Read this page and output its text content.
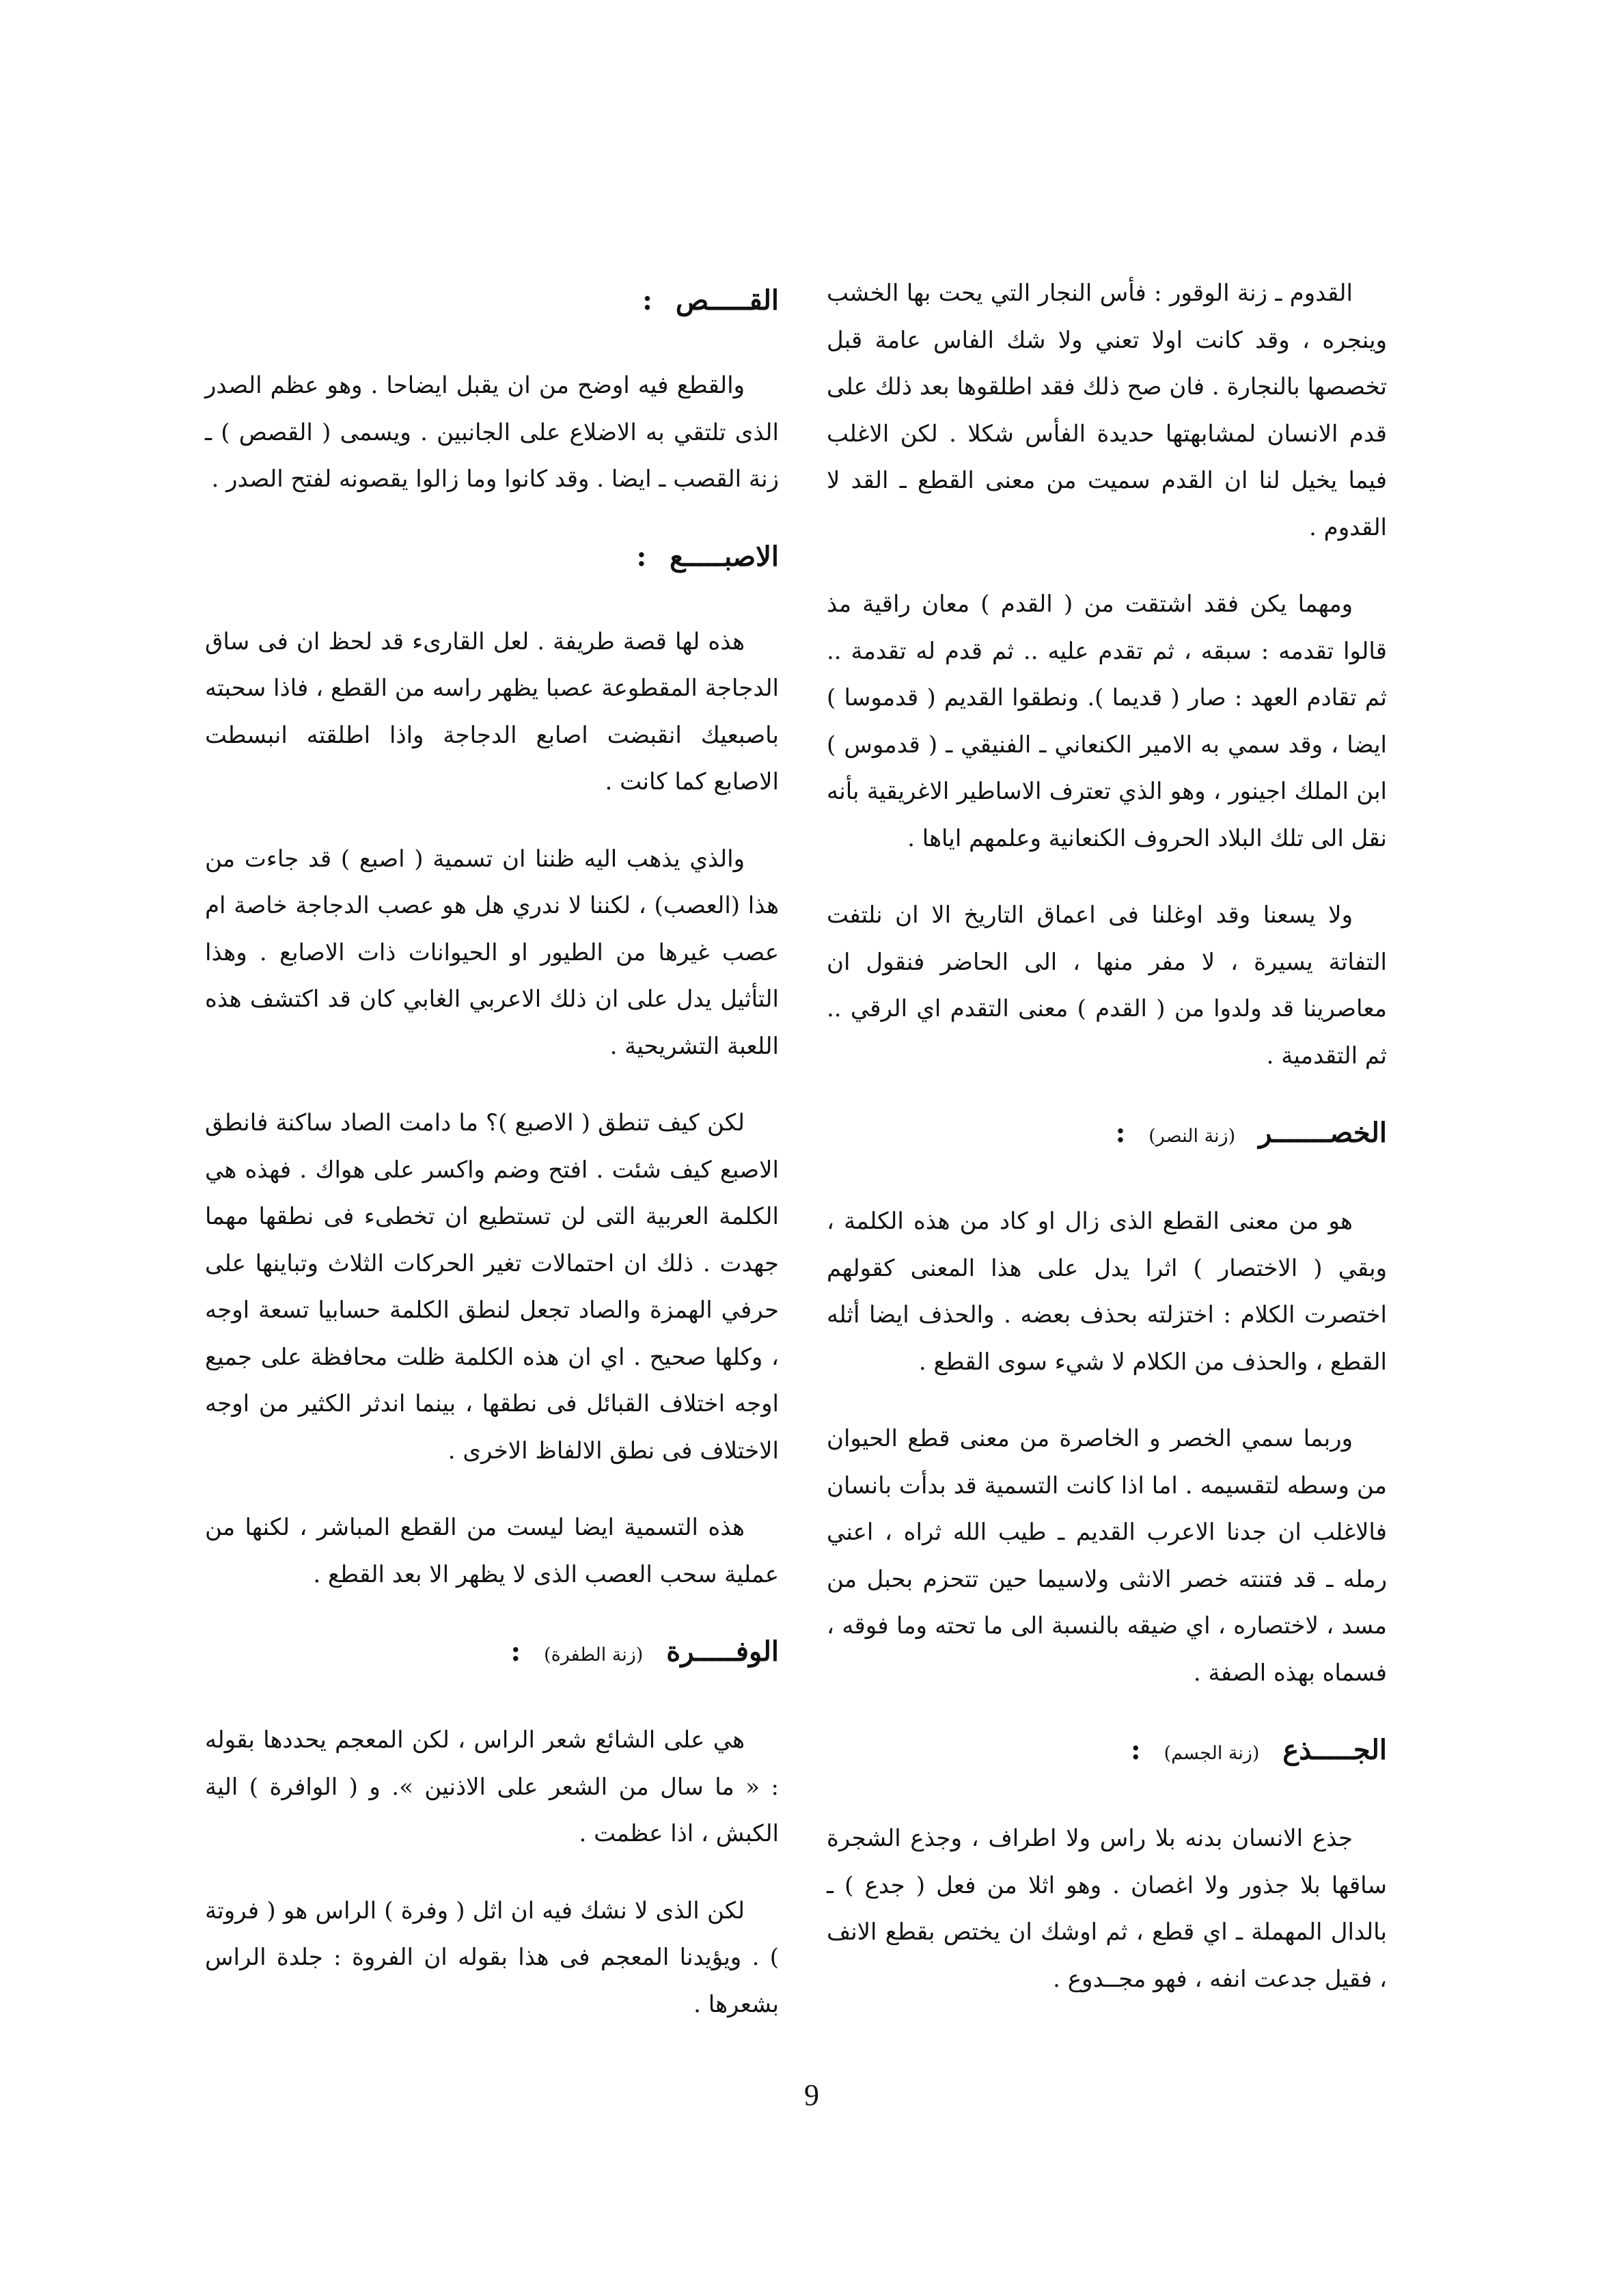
القدوم ـ زنة الوقور : فأس النجار التي يحت بها الخشب وينجره ، وقد كانت اولا تعني ولا شك الفاس عامة قبل تخصصها بالنجارة . فان صح ذلك فقد اطلقوها بعد ذلك على قدم الانسان لمشابهتها حديدة الفأس شكلا . لكن الاغلب فيما يخيل لنا ان القدم سميت من معنى القطع ـ القد لا القدوم .

ومهما يكن فقد اشتقت من ( القدم ) معان راقية مذ قالوا تقدمه : سبقه ، ثم تقدم عليه .. ثم قدم له تقدمة .. ثم تقادم العهد : صار ( قديما ). ونطقوا القديم ( قدموسا ) ايضا ، وقد سمي به الامير الكنعاني ـ الفنيقي ـ ( قدموس ) ابن الملك اجينور ، وهو الذي تعترف الاساطير الاغريقية بأنه نقل الى تلك البلاد الحروف الكنعانية وعلمهم اياها .

ولا يسعنا وقد اوغلنا فى اعماق التاريخ الا ان نلتفت التفاتة يسيرة ، لا مفر منها ، الى الحاضر فنقول ان معاصرينا قد ولدوا من ( القدم ) معنى التقدم اي الرقي .. ثم التقدمية .

الخصـــــــر (زنة النصر) :

هو من معنى القطع الذى زال او كاد من هذه الكلمة ، وبقي ( الاختصار ) اثرا يدل على هذا المعنى كقولهم اختصرت الكلام : اختزلته بحذف بعضه . والحذف ايضا أثله القطع ، والحذف من الكلام لا شيء سوى القطع .

وربما سمي الخصر و الخاصرة من معنى قطع الحيوان من وسطه لتقسيمه . اما اذا كانت التسمية قد بدأت بانسان فالاغلب ان جدنا الاعرب القديم ـ طيب الله ثراه ، اعني رمله ـ قد فتنته خصر الانثى ولاسيما حين تتحزم بحبل من مسد ، لاختصاره ، اي ضيقه بالنسبة الى ما تحته وما فوقه ، فسماه بهذه الصفة .

الجـــــذع (زنة الجسم) :

جذع الانسان بدنه بلا راس ولا اطراف ، وجذع الشجرة ساقها بلا جذور ولا اغصان . وهو اثلا من فعل ( جدع ) ـ بالدال المهملة ـ اي قطع ، ثم اوشك ان يختص بقطع الانف ، فقيل جدعت انفه ، فهو مجــدوع .

القـــــص :

والقطع فيه اوضح من ان يقبل ايضاحا . وهو عظم الصدر الذى تلتقي به الاضلاع على الجانبين . ويسمى ( القصص ) ـ زنة القصب ـ ايضا . وقد كانوا وما زالوا يقصونه لفتح الصدر .

الاصبـــــع :

هذه لها قصة طريفة . لعل القارىء قد لحظ ان فى ساق الدجاجة المقطوعة عصبا يظهر راسه من القطع ، فاذا سحبته باصبعيك انقبضت اصابع الدجاجة واذا اطلقته انبسطت الاصابع كما كانت .

والذي يذهب اليه ظننا ان تسمية ( اصبع ) قد جاءت من هذا (العصب) ، لكننا لا ندري هل هو عصب الدجاجة خاصة ام عصب غيرها من الطيور او الحيوانات ذات الاصابع . وهذا التأثيل يدل على ان ذلك الاعربي الغابي كان قد اكتشف هذه اللعبة التشريحية .

لكن كيف تنطق ( الاصبع )؟ ما دامت الصاد ساكنة فانطق الاصبع كيف شئت . افتح وضم واكسر على هواك . فهذه هي الكلمة العربية التى لن تستطيع ان تخطىء فى نطقها مهما جهدت . ذلك ان احتمالات تغير الحركات الثلاث وتباينها على حرفي الهمزة والصاد تجعل لنطق الكلمة حسابيا تسعة اوجه ، وكلها صحيح . اي ان هذه الكلمة ظلت محافظة على جميع اوجه اختلاف القبائل فى نطقها ، بينما اندثر الكثير من اوجه الاختلاف فى نطق الالفاظ الاخرى .

هذه التسمية ايضا ليست من القطع المباشر ، لكنها من عملية سحب العصب الذى لا يظهر الا بعد القطع .

الوفـــــرة (زنة الطفرة) :

هي على الشائع شعر الراس ، لكن المعجم يحددها بقوله : « ما سال من الشعر على الاذنين ». و ( الوافرة ) الية الكبش ، اذا عظمت .

لكن الذى لا نشك فيه ان اثل ( وفرة ) الراس هو ( فروتة ) . ويؤيدنا المعجم فى هذا بقوله ان الفروة : جلدة الراس بشعرها .

9
